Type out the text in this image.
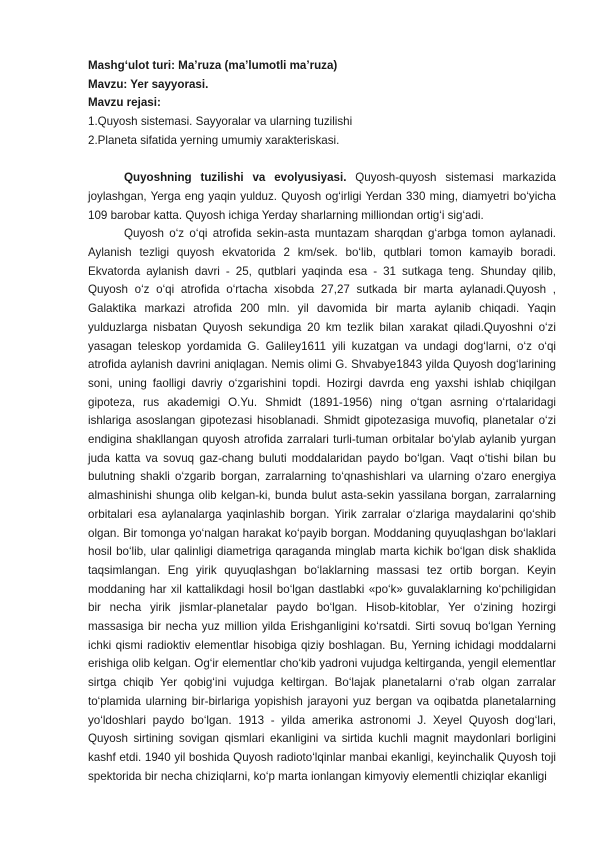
Mashg‘ulot turi: Ma’ruza (ma’lumotli ma’ruza)
Mavzu: Yer sayyorasi.
Mavzu rejasi:
1.Quyosh sistemasi. Sayyoralar va ularning tuzilishi
2.Planeta sifatida yerning umumiy xarakteriskasi.

Quyoshning tuzilishi va evolyusiyasi. Quyosh-quyosh sistemasi markazida joylashgan, Yerga eng yaqin yulduz. Quyosh og‘irligi Yerdan 330 ming, diamyetri bo‘yicha 109 barobar katta. Quyosh ichiga Yerday sharlarning milliondan ortig‘i sig‘adi.

Quyosh o‘z o‘qi atrofida sekin-asta muntazam sharqdan g‘arbga tomon aylanadi. Aylanish tezligi quyosh ekvatorida 2 km/sek. bo‘lib, qutblari tomon kamayib boradi. Ekvatorda aylanish davri - 25, qutblari yaqinda esa - 31 sutkaga teng. Shunday qilib, Quyosh o‘z o‘qi atrofida o‘rtacha xisobda 27,27 sutkada bir marta aylanadi.Quyosh , Galaktika markazi atrofida 200 mln. yil davomida bir marta aylanib chiqadi. Yaqin yulduzlarga nisbatan Quyosh sekundiga 20 km tezlik bilan xarakat qiladi.Quyoshni o‘zi yasagan teleskop yordamida G. Galiley1611 yili kuzatgan va undagi dog‘larni, o‘z o‘qi atrofida aylanish davrini aniqlagan. Nemis olimi G. Shvabye1843 yilda Quyosh dog‘larining soni, uning faolligi davriy o‘zgarishini topdi. Hozirgi davrda eng yaxshi ishlab chiqilgan gipoteza, rus akademigi O.Yu. Shmidt (1891-1956) ning o‘tgan asrning o‘rtalaridagi ishlariga asoslangan gipotezasi hisoblanadi. Shmidt gipotezasiga muvofiq, planetalar o‘zi endigina shakllangan quyosh atrofida zarralari turli-tuman orbitalar bo‘ylab aylanib yurgan juda katta va sovuq gaz-chang buluti moddalaridan paydo bo‘lgan. Vaqt o‘tishi bilan bu bulutning shakli o‘zgarib borgan, zarralarning to‘qnashishlari va ularning o‘zaro energiya almashinishi shunga olib kelgan-ki, bunda bulut asta-sekin yassilana borgan, zarralarning orbitalari esa aylanalarga yaqinlashib borgan. Yirik zarralar o‘zlariga maydalarini qo‘shib olgan. Bir tomonga yo‘nalgan harakat ko‘payib borgan. Moddaning quyuqlashgan bo‘laklari hosil bo‘lib, ular qalinligi diametriga qaraganda minglab marta kichik bo‘lgan disk shaklida taqsimlangan. Eng yirik quyuqlashgan bo‘laklarning massasi tez ortib borgan. Keyin moddaning har xil kattalikdagi hosil bo‘lgan dastlabki «po‘k» guvalaklarning ko‘pchiligidan bir necha yirik jismlar-planetalar paydo bo‘lgan. Hisob-kitoblar, Yer o‘zining hozirgi massasiga bir necha yuz million yilda Erishganligini ko‘rsatdi. Sirti sovuq bo‘lgan Yerning ichki qismi radioktiv elementlar hisobiga qiziy boshlagan. Bu, Yerning ichidagi moddalarni erishiga olib kelgan. Og‘ir elementlar cho‘kib yadroni vujudga keltirganda, yengil elementlar sirtga chiqib Yer qobig‘ini vujudga keltirgan. Bo‘lajak planetalarni o‘rab olgan zarralar to‘plamida ularning bir-birlariga yopishish jarayoni yuz bergan va oqibatda planetalarning yo‘ldoshlari paydo bo‘lgan. 1913 - yilda amerika astronomi J. Xeyel Quyosh dog‘lari, Quyosh sirtining sovigan qismlari ekanligini va sirtida kuchli magnit maydonlari borligini kashf etdi. 1940 yil boshida Quyosh radioto‘lqinlar manbai ekanligi, keyinchalik Quyosh toji spektorida bir necha chiziqlarni, ko‘p marta ionlangan kimyoviy elementli chiziqlar ekanligi
